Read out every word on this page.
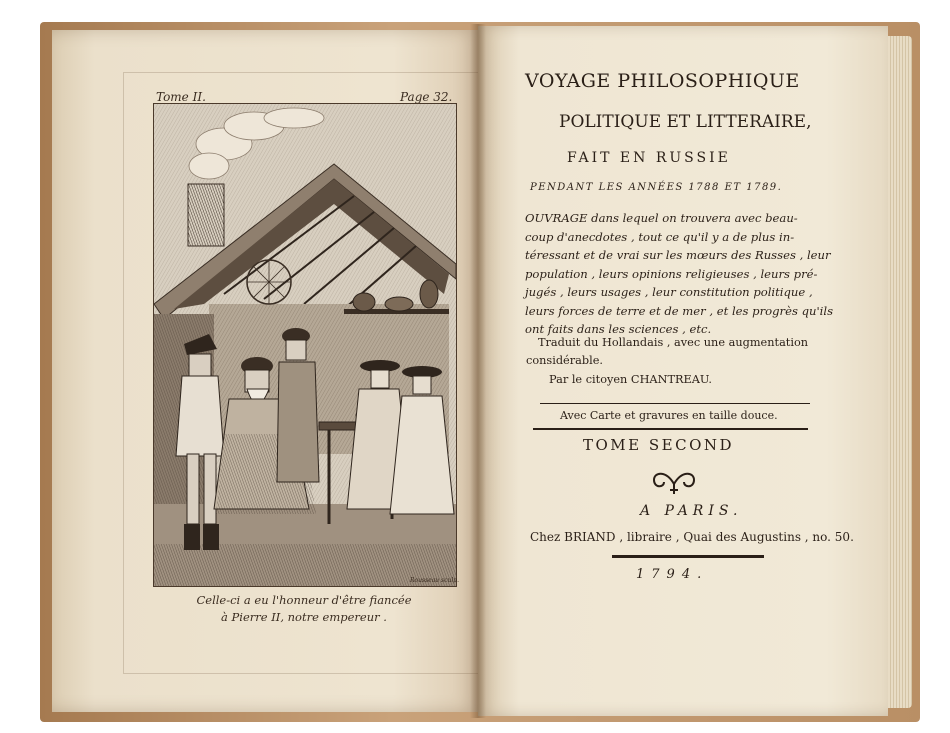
Tome II.	Page 32.
Rousseau sculp.
Celle-ci a eu l'honneur d'être fiancée
à Pierre II, notre empereur .
VOYAGE PHILOSOPHIQUE
POLITIQUE ET LITTERAIRE,
FAIT EN RUSSIE
PENDANT LES ANNÉES 1788 ET 1789.
OUVRAGE dans lequel on trouvera avec beau-
coup d'anecdotes , tout ce qu'il y a de plus in-
téressant et de vrai sur les mœurs des Russes , leur
population , leurs opinions religieuses , leurs pré-
jugés , leurs usages , leur constitution politique ,
leurs forces de terre et de mer , et les progrès qu'ils
ont faits dans les sciences , etc.
Traduit du Hollandais , avec une augmentation
considérable.
Par le citoyen CHANTREAU.
Avec Carte et gravures en taille douce.
TOME SECOND
A PARIS.
Chez BRIAND , libraire , Quai des Augustins , no. 50.
1794.
